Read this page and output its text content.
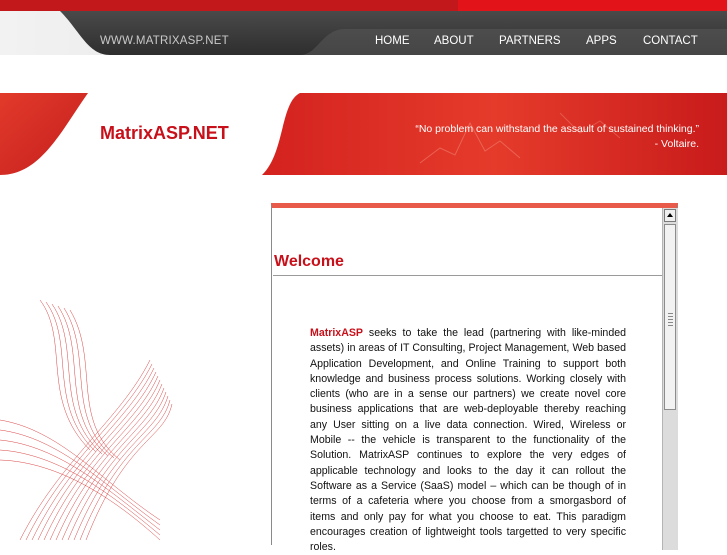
WWW.MATRIXASP.NET	HOME ABOUT PARTNERS APPS CONTACT
MatrixASP.NET	“No problem can withstand the assault of sustained thinking.”
- Voltaire.
Welcome
MatrixASP seeks to take the lead (partnering with like-minded assets) in areas of IT Consulting, Project Management, Web based Application Development, and Online Training to support both knowledge and business process solutions. Working closely with clients (who are in a sense our partners) we create novel core business applications that are web-deployable thereby reaching any User sitting on a live data connection. Wired, Wireless or Mobile -- the vehicle is transparent to the functionality of the Solution. MatrixASP continues to explore the very edges of applicable technology and looks to the day it can rollout the Software as a Service (SaaS) model – which can be though of in terms of a cafeteria where you choose from a smorgasbord of items and only pay for what you choose to eat. This paradigm encourages creation of lightweight tools targetted to very specific roles.
